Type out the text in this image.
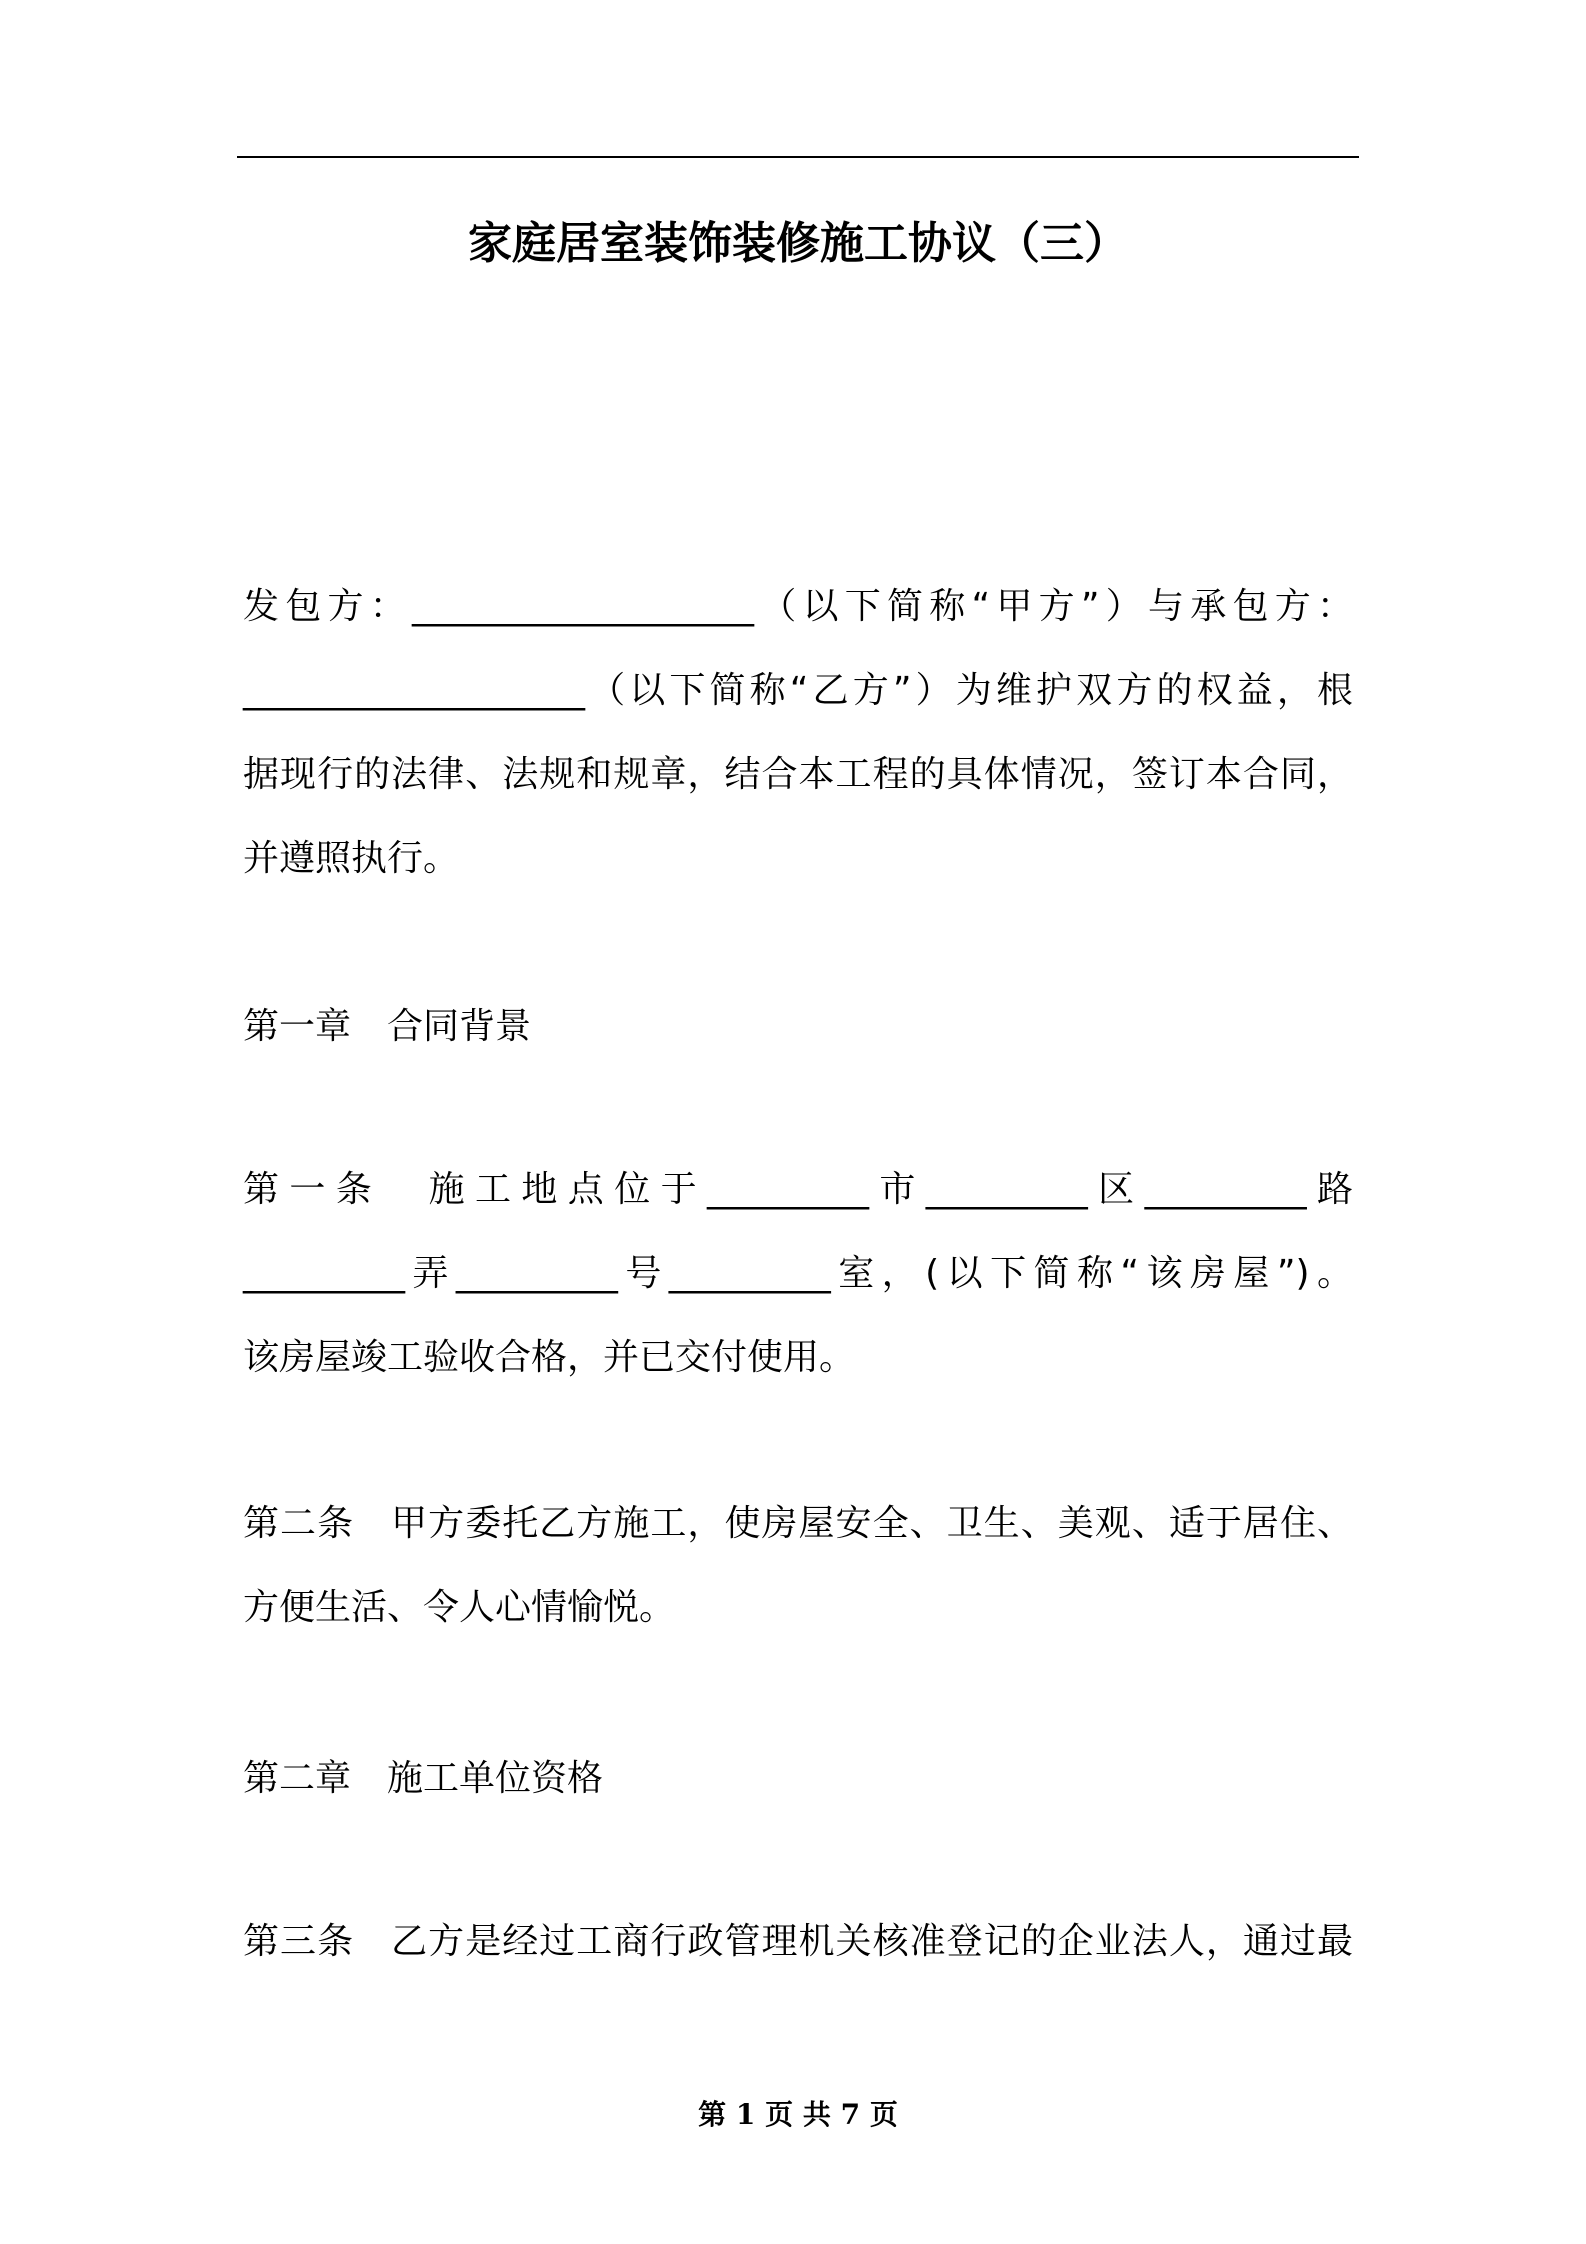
家庭居室装饰装修施工协议（三）
发包方：___________________（以下简称“甲方”）与承包方：
___________________（以下简称“乙方”）为维护双方的权益，根
据现行的法律、法规和规章，结合本工程的具体情况，签订本合同，
并遵照执行。
第一章　合同背景
第一条　施工地点位于_________市_________区_________路
_________弄_________号_________室，(以下简称“该房屋”)。
该房屋竣工验收合格，并已交付使用。
第二条　甲方委托乙方施工，使房屋安全、卫生、美观、适于居住、
方便生活、令人心情愉悦。
第二章　施工单位资格
第三条　乙方是经过工商行政管理机关核准登记的企业法人，通过最
第 1 页 共 7 页
